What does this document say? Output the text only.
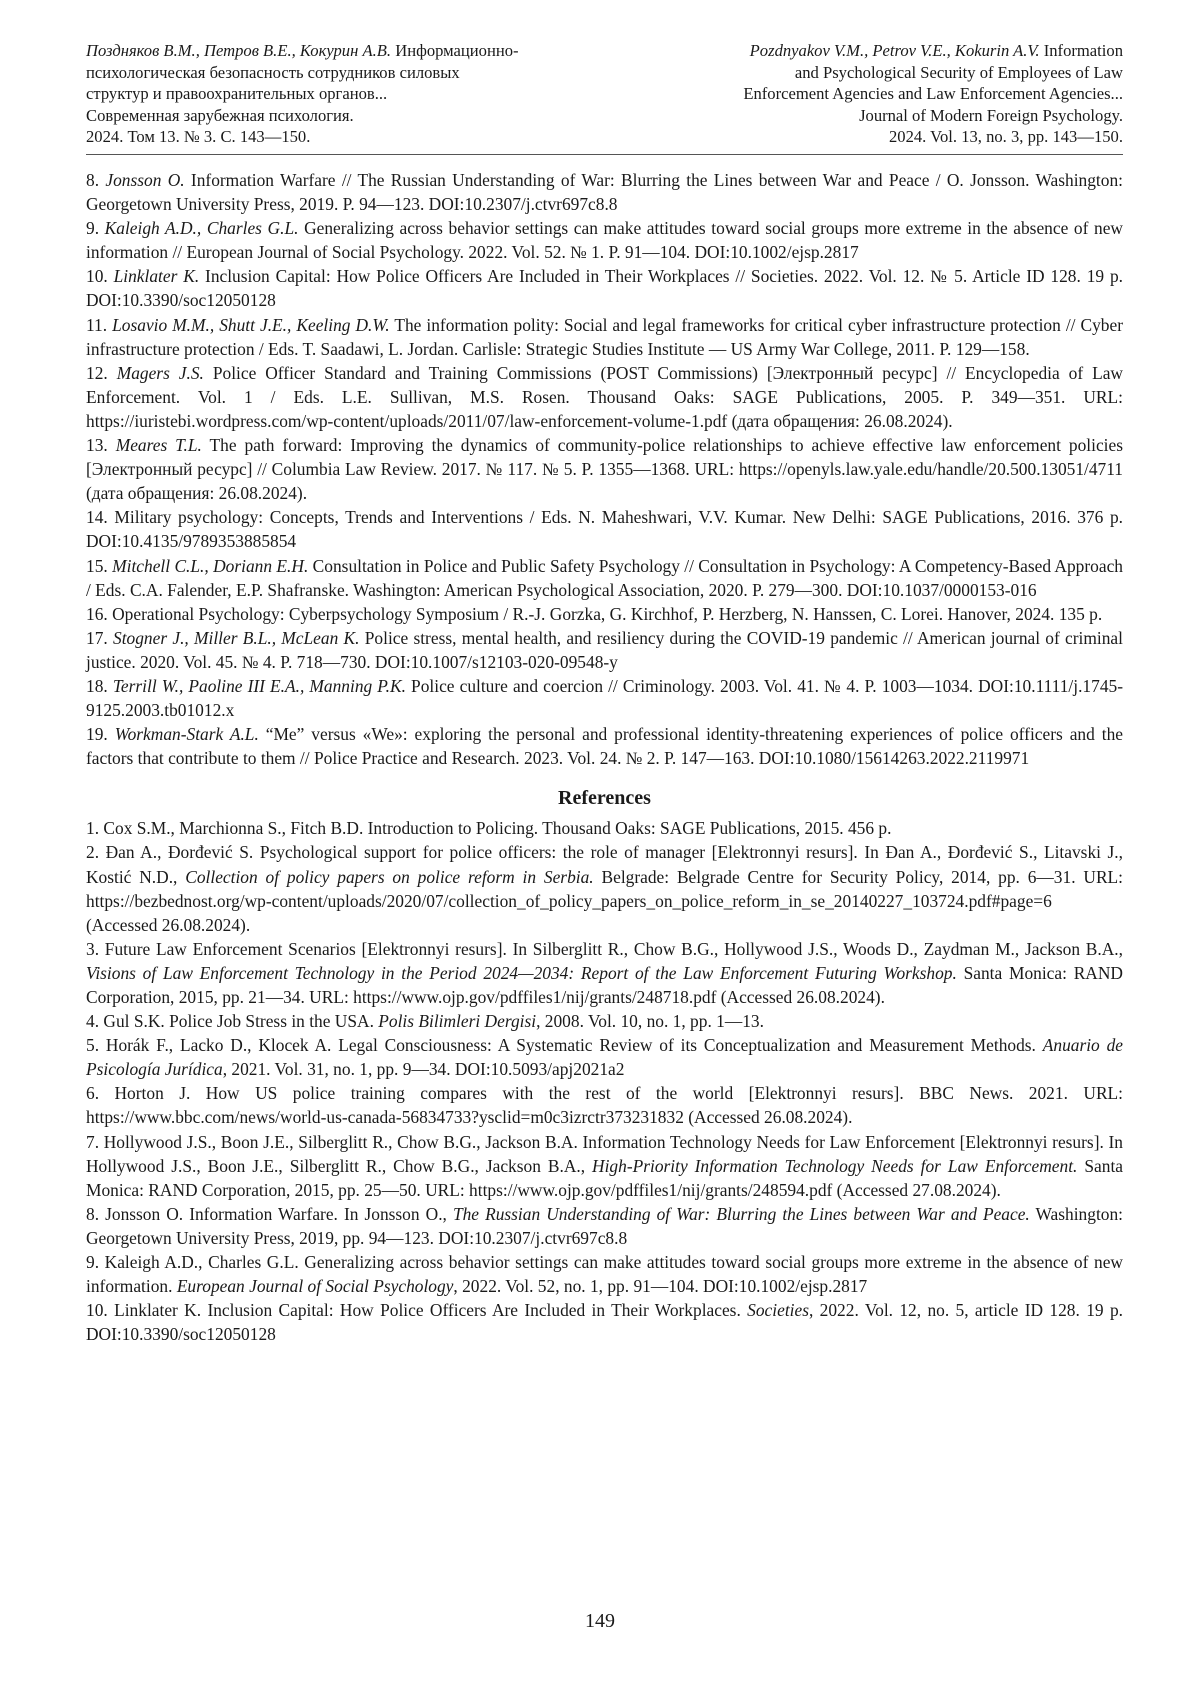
Поздняков В.М., Петров В.Е., Кокурин А.В. Информационно-
психологическая безопасность сотрудников силовых
структур и правоохранительных органов...
Современная зарубежная психология.
2024. Том 13. № 3. С. 143—150.
Pozdnyakov V.M., Petrov V.E., Kokurin A.V. Information
and Psychological Security of Employees of Law
Enforcement Agencies and Law Enforcement Agencies...
Journal of Modern Foreign Psychology.
2024. Vol. 13, no. 3, pp. 143—150.

8. Jonsson O. Information Warfare // The Russian Understanding of War: Blurring the Lines between War and Peace / O. Jonsson. Washington: Georgetown University Press, 2019. P. 94—123. DOI:10.2307/j.ctvr697c8.8

9. Kaleigh A.D., Charles G.L. Generalizing across behavior settings can make attitudes toward social groups more extreme in the absence of new information // European Journal of Social Psychology. 2022. Vol. 52. № 1. P. 91—104. DOI:10.1002/ejsp.2817

10. Linklater K. Inclusion Capital: How Police Officers Are Included in Their Workplaces // Societies. 2022. Vol. 12. № 5. Article ID 128. 19 p. DOI:10.3390/soc12050128

11. Losavio M.M., Shutt J.E., Keeling D.W. The information polity: Social and legal frameworks for critical cyber infrastructure protection // Cyber infrastructure protection / Eds. T. Saadawi, L. Jordan. Carlisle: Strategic Studies Institute — US Army War College, 2011. P. 129—158.

12. Magers J.S. Police Officer Standard and Training Commissions (POST Commissions) [Электронный ресурс] // Encyclopedia of Law Enforcement. Vol. 1 / Eds. L.E. Sullivan, M.S. Rosen. Thousand Oaks: SAGE Publications, 2005. P. 349—351. URL: https://iuristebi.wordpress.com/wp-content/uploads/2011/07/law-enforcement-volume-1.pdf (дата обращения: 26.08.2024).

13. Meares T.L. The path forward: Improving the dynamics of community-police relationships to achieve effective law enforcement policies [Электронный ресурс] // Columbia Law Review. 2017. № 117. № 5. P. 1355—1368. URL: https://openyls.law.yale.edu/handle/20.500.13051/4711 (дата обращения: 26.08.2024).

14. Military psychology: Concepts, Trends and Interventions / Eds. N. Maheshwari, V.V. Kumar. New Delhi: SAGE Publications, 2016. 376 p. DOI:10.4135/9789353885854

15. Mitchell C.L., Doriann E.H. Consultation in Police and Public Safety Psychology // Consultation in Psychology: A Competency-Based Approach / Eds. C.A. Falender, E.P. Shafranske. Washington: American Psychological Association, 2020. P. 279—300. DOI:10.1037/0000153-016

16. Operational Psychology: Cyberpsychology Symposium / R.-J. Gorzka, G. Kirchhof, P. Herzberg, N. Hanssen, C. Lorei. Hanover, 2024. 135 p.

17. Stogner J., Miller B.L., McLean K. Police stress, mental health, and resiliency during the COVID-19 pandemic // American journal of criminal justice. 2020. Vol. 45. № 4. P. 718—730. DOI:10.1007/s12103-020-09548-y

18. Terrill W., Paoline III E.A., Manning P.K. Police culture and coercion // Criminology. 2003. Vol. 41. № 4. P. 1003—1034. DOI:10.1111/j.1745-9125.2003.tb01012.x

19. Workman-Stark A.L. “Me” versus «We»: exploring the personal and professional identity-threatening experiences of police officers and the factors that contribute to them // Police Practice and Research. 2023. Vol. 24. № 2. P. 147—163. DOI:10.1080/15614263.2022.2119971

References

1. Cox S.M., Marchionna S., Fitch B.D. Introduction to Policing. Thousand Oaks: SAGE Publications, 2015. 456 p.

2. Đan A., Đorđević S. Psychological support for police officers: the role of manager [Elektronnyi resurs]. In Đan A., Đorđević S., Litavski J., Kostić N.D., Collection of policy papers on police reform in Serbia. Belgrade: Belgrade Centre for Security Policy, 2014, pp. 6—31. URL: https://bezbednost.org/wp-content/uploads/2020/07/collection_of_policy_papers_on_police_reform_in_se_20140227_103724.pdf#page=6 (Accessed 26.08.2024).

3. Future Law Enforcement Scenarios [Elektronnyi resurs]. In Silberglitt R., Chow B.G., Hollywood J.S., Woods D., Zaydman M., Jackson B.A., Visions of Law Enforcement Technology in the Period 2024—2034: Report of the Law Enforcement Futuring Workshop. Santa Monica: RAND Corporation, 2015, pp. 21—34. URL: https://www.ojp.gov/pdffiles1/nij/grants/248718.pdf (Accessed 26.08.2024).

4. Gul S.K. Police Job Stress in the USA. Polis Bilimleri Dergisi, 2008. Vol. 10, no. 1, pp. 1—13.

5. Horák F., Lacko D., Klocek A. Legal Consciousness: A Systematic Review of its Conceptualization and Measurement Methods. Anuario de Psicología Jurídica, 2021. Vol. 31, no. 1, pp. 9—34. DOI:10.5093/apj2021a2

6. Horton J. How US police training compares with the rest of the world [Elektronnyi resurs]. BBC News. 2021. URL: https://www.bbc.com/news/world-us-canada-56834733?ysclid=m0c3izrctr373231832 (Accessed 26.08.2024).

7. Hollywood J.S., Boon J.E., Silberglitt R., Chow B.G., Jackson B.A. Information Technology Needs for Law Enforcement [Elektronnyi resurs]. In Hollywood J.S., Boon J.E., Silberglitt R., Chow B.G., Jackson B.A., High-Priority Information Technology Needs for Law Enforcement. Santa Monica: RAND Corporation, 2015, pp. 25—50. URL: https://www.ojp.gov/pdffiles1/nij/grants/248594.pdf (Accessed 27.08.2024).

8. Jonsson O. Information Warfare. In Jonsson O., The Russian Understanding of War: Blurring the Lines between War and Peace. Washington: Georgetown University Press, 2019, pp. 94—123. DOI:10.2307/j.ctvr697c8.8

9. Kaleigh A.D., Charles G.L. Generalizing across behavior settings can make attitudes toward social groups more extreme in the absence of new information. European Journal of Social Psychology, 2022. Vol. 52, no. 1, pp. 91—104. DOI:10.1002/ejsp.2817

10. Linklater K. Inclusion Capital: How Police Officers Are Included in Their Workplaces. Societies, 2022. Vol. 12, no. 5, article ID 128. 19 p. DOI:10.3390/soc12050128

149
